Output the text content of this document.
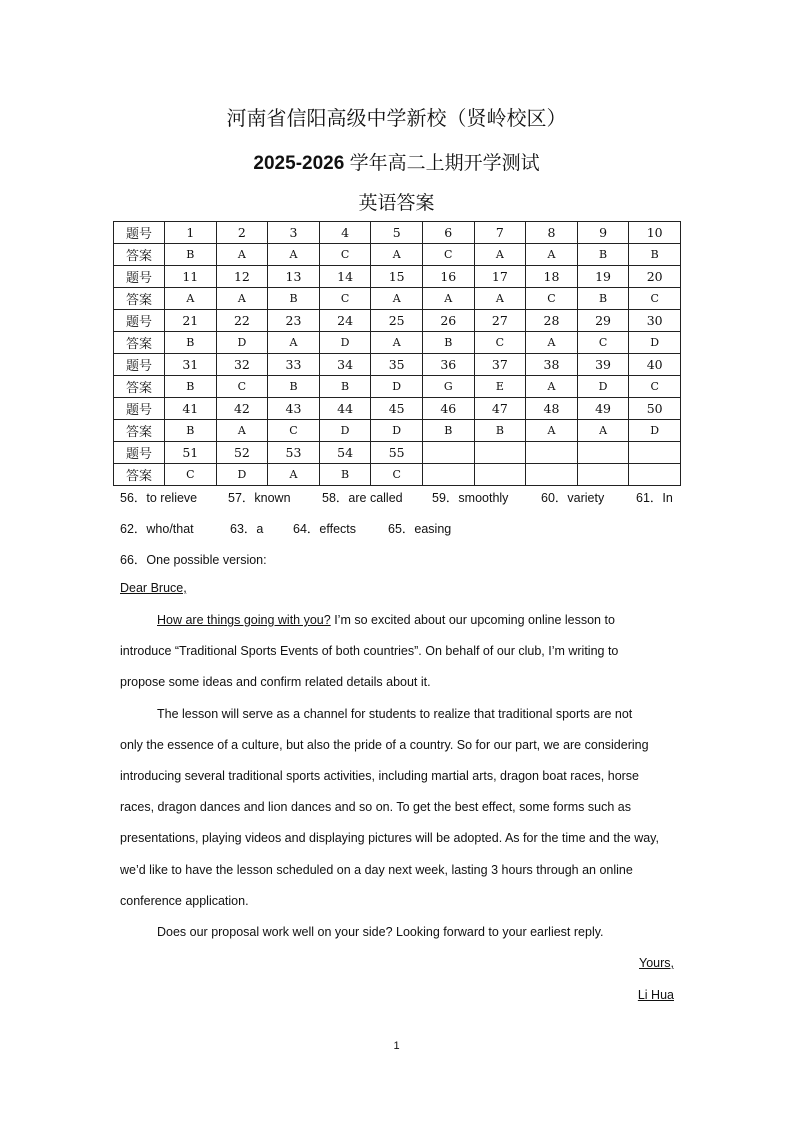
河南省信阳高级中学新校（贤岭校区）
2025-2026 学年高二上期开学测试
英语答案
题号	1	2	3	4	5	6	7	8	9	10
答案	B	A	A	C	A	C	A	A	B	B
题号	11	12	13	14	15	16	17	18	19	20
答案	A	A	B	C	A	A	A	C	B	C
题号	21	22	23	24	25	26	27	28	29	30
答案	B	D	A	D	A	B	C	A	C	D
题号	31	32	33	34	35	36	37	38	39	40
答案	B	C	B	B	D	G	E	A	D	C
题号	41	42	43	44	45	46	47	48	49	50
答案	B	A	C	D	D	B	B	A	A	D
题号	51	52	53	54	55					
答案	C	D	A	B	C					
56．to relieve 57．known	58．are called 59．smoothly	60．variety	61．In
62．who/that	63．a 64．effects	65．easing
66．One possible version:
Dear Bruce,
How are things going with you? I’m so excited about our upcoming online lesson to
introduce “Traditional Sports Events of both countries”. On behalf of our club, I’m writing to
propose some ideas and confirm related details about it.
The lesson will serve as a channel for students to realize that traditional sports are not
only the essence of a culture, but also the pride of a country. So for our part, we are considering
introducing several traditional sports activities, including martial arts, dragon boat races, horse
races, dragon dances and lion dances and so on. To get the best effect, some forms such as
presentations, playing videos and displaying pictures will be adopted. As for the time and the way,
we’d like to have the lesson scheduled on a day next week, lasting 3 hours through an online
conference application.
Does our proposal work well on your side? Looking forward to your earliest reply.
Yours,
Li Hua
1
